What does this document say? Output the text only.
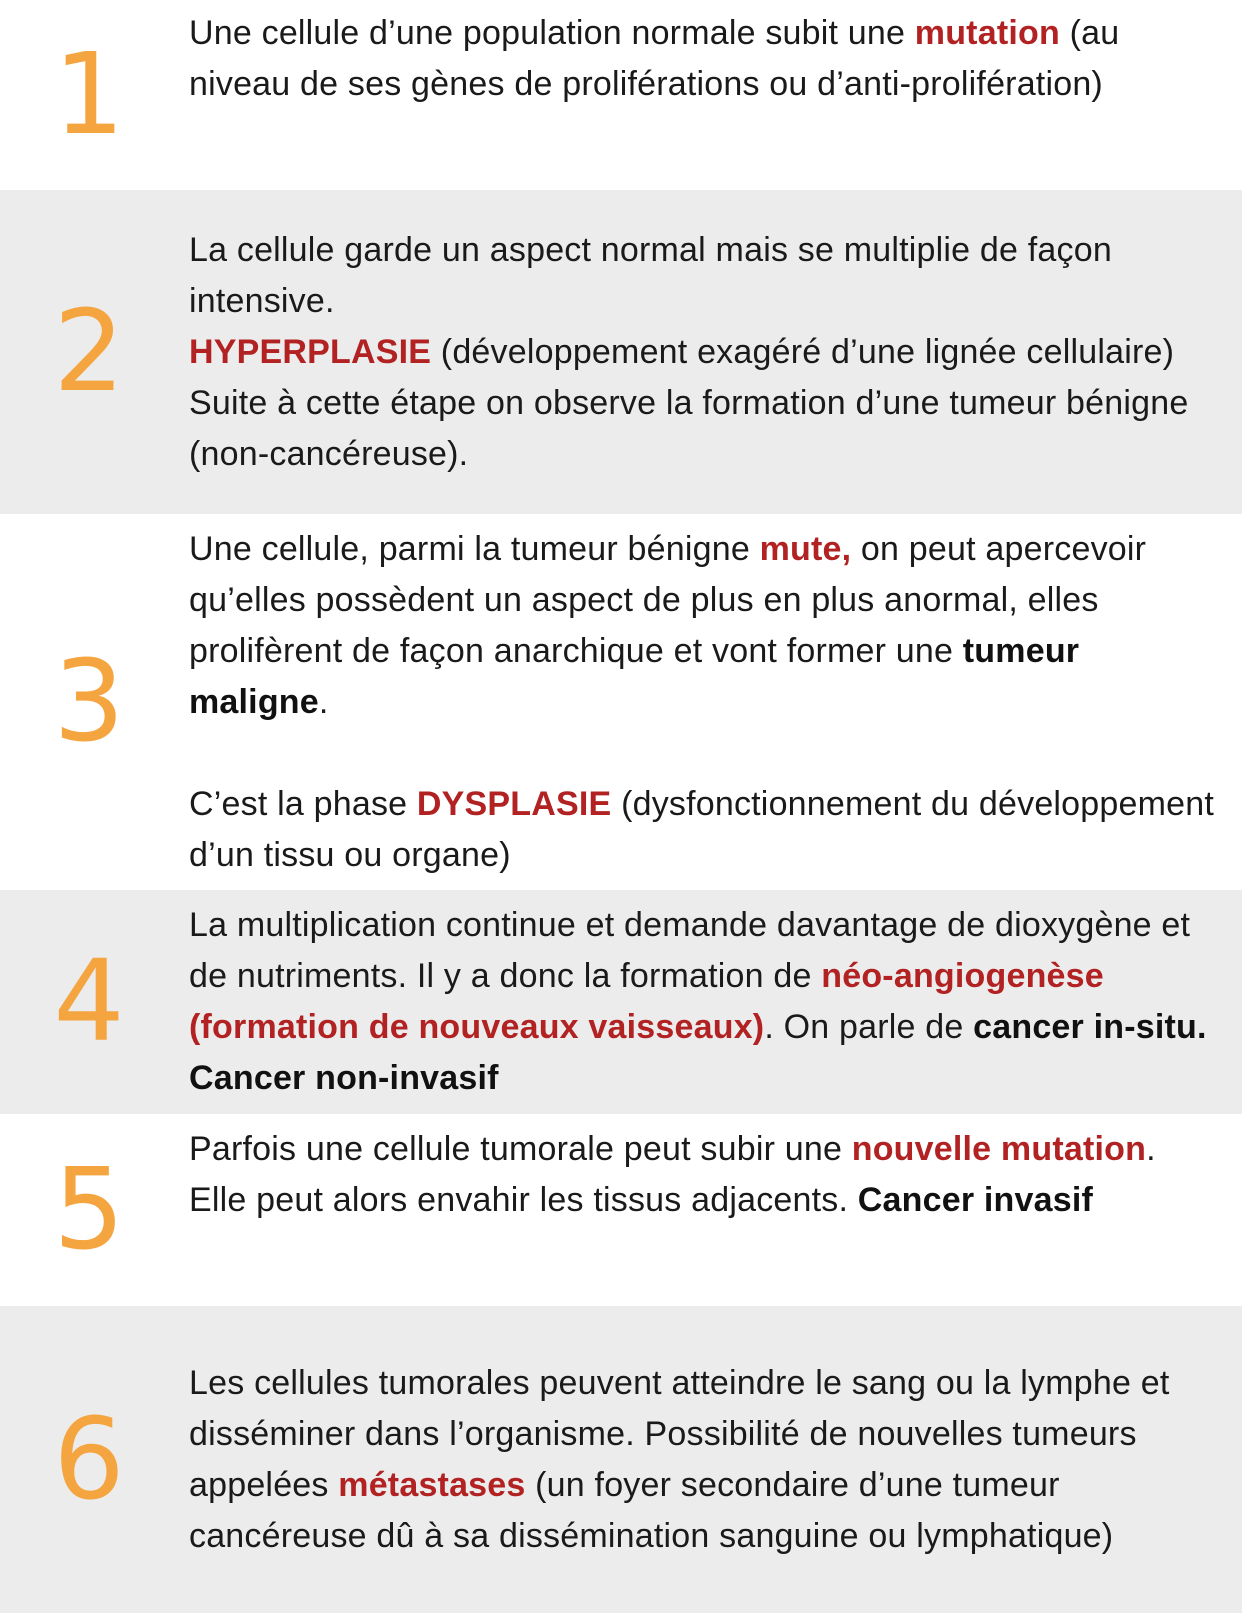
1	Une cellule d’une population normale subit une mutation (au niveau de ses gènes de proliférations ou d’anti-prolifération)

2

La cellule garde un aspect normal mais se multiplie de façon intensive.

HYPERPLASIE (développement exagéré d’une lignée cellulaire)

Suite à cette étape on observe la formation d’une tumeur bénigne (non-cancéreuse).

3

Une cellule, parmi la tumeur bénigne mute, on peut apercevoir qu’elles possèdent un aspect de plus en plus anormal, elles prolifèrent de façon anarchique et vont former une tumeur maligne.

C’est la phase DYSPLASIE (dysfonctionnement du développement d’un tissu ou organe)

4

La multiplication continue et demande davantage de dioxygène et de nutriments. Il y a donc la formation de néo-angiogenèse (formation de nouveaux vaisseaux). On parle de cancer in-situ. Cancer non-invasif

5	Parfois une cellule tumorale peut subir une nouvelle mutation. Elle peut alors envahir les tissus adjacents. Cancer invasif

6

Les cellules tumorales peuvent atteindre le sang ou la lymphe et disséminer dans l’organisme. Possibilité de nouvelles tumeurs appelées métastases (un foyer secondaire d’une tumeur cancéreuse dû à sa dissémination sanguine ou lymphatique)
